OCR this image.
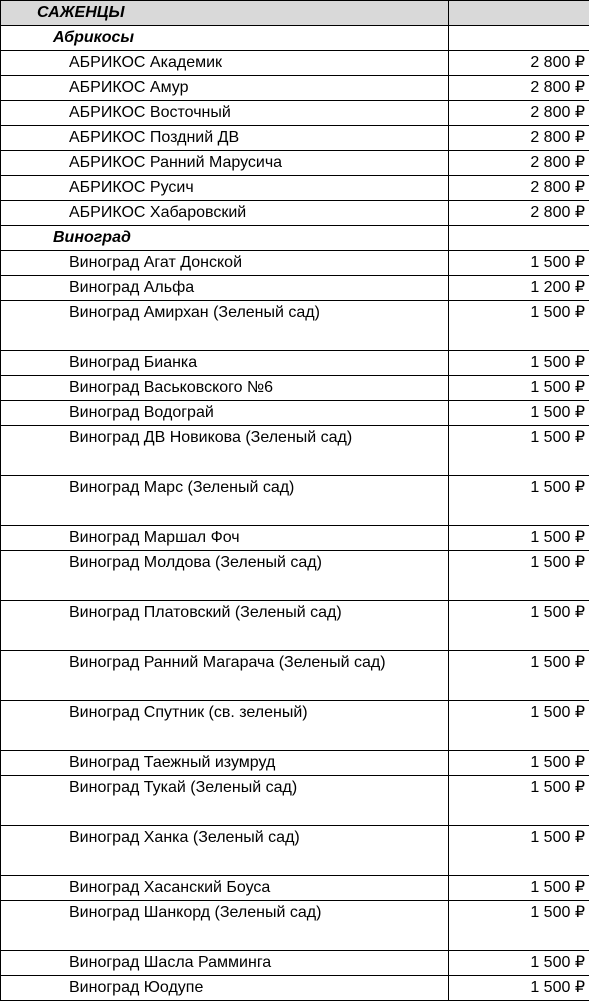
САЖЕНЦЫ	
Абрикосы	
АБРИКОС Академик	2 800 ₽
АБРИКОС Амур	2 800 ₽
АБРИКОС Восточный	2 800 ₽
АБРИКОС Поздний ДВ	2 800 ₽
АБРИКОС Ранний Марусича	2 800 ₽
АБРИКОС Русич	2 800 ₽
АБРИКОС Хабаровский	2 800 ₽
Виноград	
Виноград Агат Донской	1 500 ₽
Виноград Альфа	1 200 ₽
Виноград Амирхан (Зеленый сад)	1 500 ₽
Виноград Бианка	1 500 ₽
Виноград Васьковского №6	1 500 ₽
Виноград Водограй	1 500 ₽
Виноград ДВ Новикова (Зеленый сад)	1 500 ₽
Виноград Марс (Зеленый сад)	1 500 ₽
Виноград Маршал Фоч	1 500 ₽
Виноград Молдова (Зеленый сад)	1 500 ₽
Виноград Платовский (Зеленый сад)	1 500 ₽
Виноград Ранний Магарача (Зеленый сад)	1 500 ₽
Виноград Спутник (св. зеленый)	1 500 ₽
Виноград Таежный изумруд	1 500 ₽
Виноград Тукай (Зеленый сад)	1 500 ₽
Виноград Ханка (Зеленый сад)	1 500 ₽
Виноград Хасанский Боуса	1 500 ₽
Виноград Шанкорд (Зеленый сад)	1 500 ₽
Виноград Шасла Рамминга	1 500 ₽
Виноград Юодупе	1 500 ₽
